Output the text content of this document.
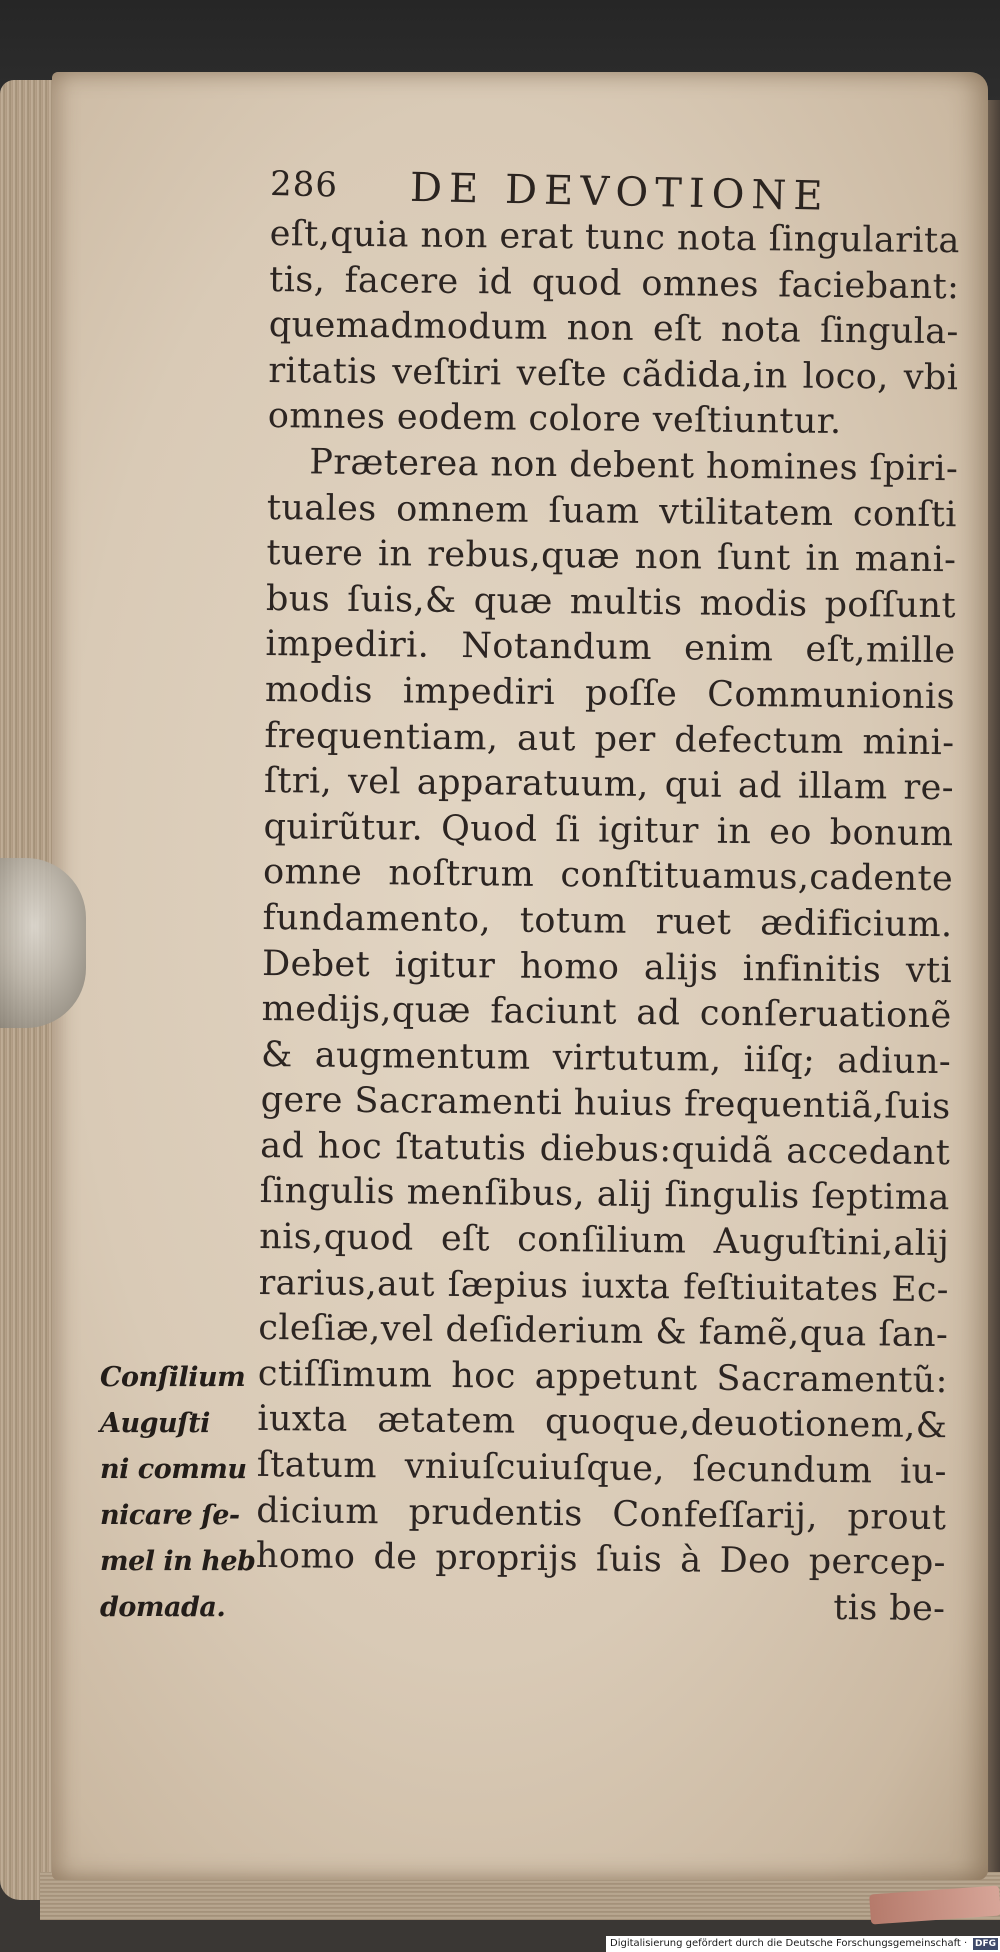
286 DE DEVOTIONE
eſt,quia non erat tunc nota ſingularita
tis, facere id quod omnes faciebant:
quemadmodum non eſt nota ſingula-
ritatis veſtiri veſte cãdida,in loco, vbi
omnes eodem colore veſtiuntur.
Præterea non debent homines ſpiri-
tuales omnem ſuam vtilitatem conſti
tuere in rebus,quæ non ſunt in mani-
bus ſuis,& quæ multis modis poſſunt
impediri. Notandum enim eſt,mille
modis impediri poſſe Communionis
frequentiam, aut per defectum mini-
ſtri, vel apparatuum, qui ad illam re-
quirũtur. Quod ſi igitur in eo bonum
omne noſtrum conſtituamus,cadente
fundamento, totum ruet ædificium.
Debet igitur homo alijs infinitis vti
medijs,quæ faciunt ad conſeruationẽ
& augmentum virtutum, iiſq; adiun-
gere Sacramenti huius frequentiã,ſuis
ad hoc ſtatutis diebus:quidã accedant
ſingulis menſibus, alij ſingulis ſeptima
nis,quod eſt conſilium Auguſtini,alij
rarius,aut ſæpius iuxta feſtiuitates Ec-
cleſiæ,vel deſiderium & famẽ,qua ſan-
ctiſſimum hoc appetunt Sacramentũ:
iuxta ætatem quoque,deuotionem,&
ſtatum vniuſcuiuſque, ſecundum iu-
dicium prudentis Confeſſarij, prout
homo de proprijs ſuis à Deo percep-
tis be-
Conſilium
Auguſti
ni commu
nicare ſe-
mel in heb
domada.
Digitalisierung gefördert durch die Deutsche Forschungsgemeinschaft · DFG
